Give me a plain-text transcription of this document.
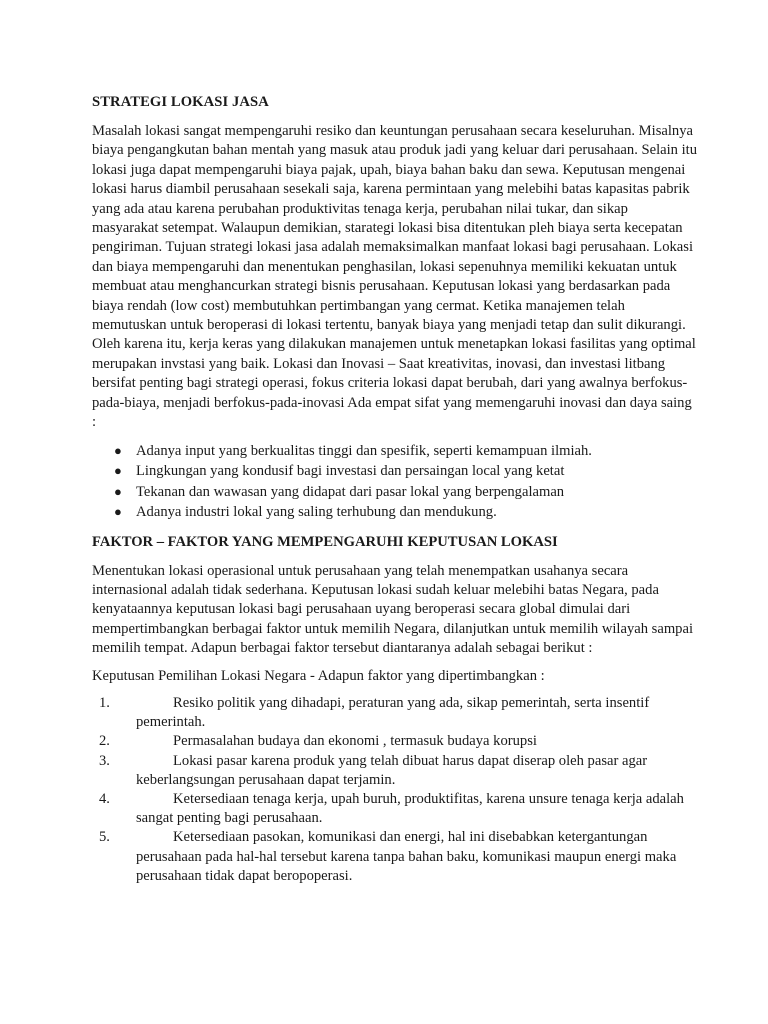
STRATEGI LOKASI JASA

Masalah lokasi sangat mempengaruhi resiko dan keuntungan perusahaan secara keseluruhan. Misalnya biaya pengangkutan bahan mentah yang masuk atau produk jadi yang keluar dari perusahaan. Selain itu lokasi juga dapat mempengaruhi biaya pajak, upah, biaya bahan baku dan sewa. Keputusan mengenai lokasi harus diambil perusahaan sesekali saja, karena permintaan yang melebihi batas kapasitas pabrik yang ada atau karena perubahan produktivitas tenaga kerja, perubahan nilai tukar, dan sikap masyarakat setempat. Walaupun demikian, starategi lokasi bisa ditentukan pleh biaya serta kecepatan pengiriman. Tujuan strategi lokasi jasa adalah memaksimalkan manfaat lokasi bagi perusahaan. Lokasi dan biaya mempengaruhi dan menentukan penghasilan, lokasi sepenuhnya memiliki kekuatan untuk membuat atau menghancurkan strategi bisnis perusahaan. Keputusan lokasi yang berdasarkan pada biaya rendah (low cost) membutuhkan pertimbangan yang cermat. Ketika manajemen telah memutuskan untuk beroperasi di lokasi tertentu, banyak biaya yang menjadi tetap dan sulit dikurangi. Oleh karena itu, kerja keras yang dilakukan manajemen untuk menetapkan lokasi fasilitas yang optimal merupakan invstasi yang baik. Lokasi dan Inovasi – Saat kreativitas, inovasi, dan investasi litbang bersifat penting bagi strategi operasi, fokus criteria lokasi dapat berubah, dari yang awalnya berfokus-pada-biaya, menjadi berfokus-pada-inovasi Ada empat sifat yang memengaruhi inovasi dan daya saing :

● Adanya input yang berkualitas tinggi dan spesifik, seperti kemampuan ilmiah.
● Lingkungan yang kondusif bagi investasi dan persaingan local yang ketat
● Tekanan dan wawasan yang didapat dari pasar lokal yang berpengalaman
● Adanya industri lokal yang saling terhubung dan mendukung.
FAKTOR – FAKTOR YANG MEMPENGARUHI KEPUTUSAN LOKASI

Menentukan lokasi operasional untuk perusahaan yang telah menempatkan usahanya secara internasional adalah tidak sederhana. Keputusan lokasi sudah keluar melebihi batas Negara, pada kenyataannya keputusan lokasi bagi perusahaan uyang beroperasi secara global dimulai dari mempertimbangkan berbagai faktor untuk memilih Negara, dilanjutkan untuk memilih wilayah sampai memilih tempat. Adapun berbagai faktor tersebut diantaranya adalah sebagai berikut :

Keputusan Pemilihan Lokasi Negara - Adapun faktor yang dipertimbangkan :

1.	Resiko politik yang dihadapi, peraturan yang ada, sikap pemerintah, serta insentif pemerintah.
2.	Permasalahan budaya dan ekonomi , termasuk budaya korupsi
3.	Lokasi pasar karena produk yang telah dibuat harus dapat diserap oleh pasar agar keberlangsungan perusahaan dapat terjamin.
4.	Ketersediaan tenaga kerja, upah buruh, produktifitas, karena unsure tenaga kerja adalah sangat penting bagi perusahaan.
5.	Ketersediaan pasokan, komunikasi dan energi, hal ini disebabkan ketergantungan perusahaan pada hal-hal tersebut karena tanpa bahan baku, komunikasi maupun energi maka perusahaan tidak dapat beropoperasi.
